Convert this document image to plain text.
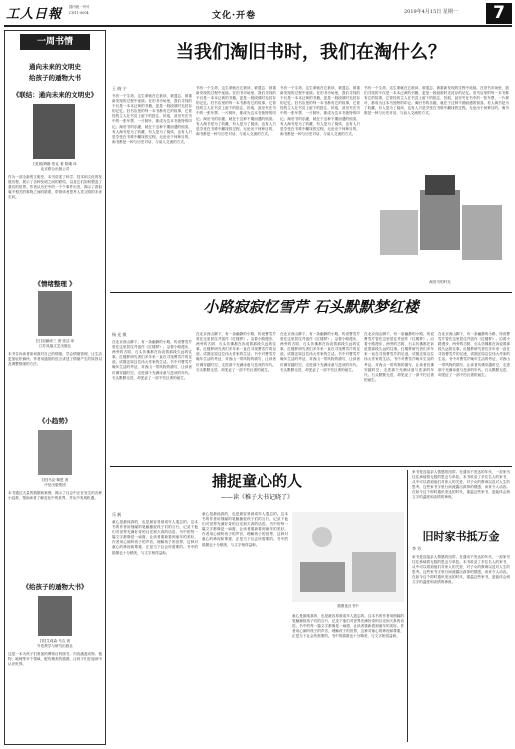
工人日報 国内统一刊号
CN11-0004	文化·开卷	2019年4月15日 星期一	7
一周书情
通向未来的文明史
给孩子的遁物大书
《联结：通向未来的文明史》
[美]詹姆斯·伯克 著 阳曦 译
北京联合出版公司
作为一部全新的文明史，本书讲述了科学、技术和文化的发展历程，展示了各种发明之间的联结，以及它们如何塑造了我们的世界。作者从历史中的一个个事件出发，揭示了看似毫不相关的事物之间的联系，带领读者思考人类文明的未来走向。
《情绪整理 》
[日]加藤谛三 著 张洁 译
江苏凤凰文艺出版社
本书告诉读者如何面对自己的情绪，学会情绪管理，让生活更加轻松愉快。作者用通俗的语言讲述了情绪产生的原因以及调整情绪的方法。
《小趋势》
[美]马克·佩恩 著
中信出版集团
本书通过大量的数据和案例，揭示了社会中正在发生的各种小趋势，帮助读者了解变化中的世界，并从中发现机遇。
《给孩子的遁物大书》
[英]艾莉森·马吉 著
外语教学与研究出版社
这是一本为孩子们准备的博物百科图书，内容涵盖动物、植物、地理等多个领域，配有精美的插图，让孩子们在阅读中认识世界。
当我们淘旧书时，我们在淘什么？
王 晓 宁
书有一个生命，这生命就在它被读、被遗忘、被重新发现的过程中延续。在旧书市场里，我们寻找的不仅是一本本泛黄的书籍，更是一段段被时光封存的记忆。旧书店里的每一本书都有它的故事，它曾经的主人在书页上留下的批注、折痕，甚至夹在书中的一张车票、一片树叶，都成为这本书独特的印记。淘旧书的乐趣，就在于这种不期而遇的惊喜。有人淘书是为了收藏，有人是为了阅读，也有人只是享受在书堆中翻找的过程。无论出于何种目的，淘书都是一种与历史对话、与前人交流的方式。
书有一个生命，这生命就在它被读、被遗忘、被重新发现的过程中延续。在旧书市场里，我们寻找的不仅是一本本泛黄的书籍，更是一段段被时光封存的记忆。旧书店里的每一本书都有它的故事，它曾经的主人在书页上留下的批注、折痕，甚至夹在书中的一张车票、一片树叶，都成为这本书独特的印记。淘旧书的乐趣，就在于这种不期而遇的惊喜。有人淘书是为了收藏，有人是为了阅读，也有人只是享受在书堆中翻找的过程。无论出于何种目的，淘书都是一种与历史对话、与前人交流的方式。
书有一个生命，这生命就在它被读、被遗忘、被重新发现的过程中延续。在旧书市场里，我们寻找的不仅是一本本泛黄的书籍，更是一段段被时光封存的记忆。旧书店里的每一本书都有它的故事，它曾经的主人在书页上留下的批注、折痕，甚至夹在书中的一张车票、一片树叶，都成为这本书独特的印记。淘旧书的乐趣，就在于这种不期而遇的惊喜。有人淘书是为了收藏，有人是为了阅读，也有人只是享受在书堆中翻找的过程。无论出于何种目的，淘书都是一种与历史对话、与前人交流的方式。
书有一个生命，这生命就在它被读、被遗忘、被重新发现的过程中延续。在旧书市场里，我们寻找的不仅是一本本泛黄的书籍，更是一段段被时光封存的记忆。旧书店里的每一本书都有它的故事，它曾经的主人在书页上留下的批注、折痕，甚至夹在书中的一张车票、一片树叶，都成为这本书独特的印记。淘旧书的乐趣，就在于这种不期而遇的惊喜。有人淘书是为了收藏，有人是为了阅读，也有人只是享受在书堆中翻找的过程。无论出于何种目的，淘书都是一种与历史对话、与前人交流的方式。
淘旧书的时光
小路寂寂忆雪芹 石头默默梦红楼
杨 光 敏
在北京西山脚下，有一条幽静的小路，传说曹雪芹曾在这里居住并创作《红楼梦》。沿着小路漫步，两旁的古树、石头仿佛都在诉说着那段久远的往事。红楼梦研究者们多年来一直在寻找曹雪芹的足迹，试图还原这位伟大作家的生活。书中对曹雪芹晚年生活的考证，对西山一带风物的描写，让读者仿佛穿越时空，走进那个充满诗意与悲凉的年代。石头默默无语，却见证了一部不朽巨著的诞生。
在北京西山脚下，有一条幽静的小路，传说曹雪芹曾在这里居住并创作《红楼梦》。沿着小路漫步，两旁的古树、石头仿佛都在诉说着那段久远的往事。红楼梦研究者们多年来一直在寻找曹雪芹的足迹，试图还原这位伟大作家的生活。书中对曹雪芹晚年生活的考证，对西山一带风物的描写，让读者仿佛穿越时空，走进那个充满诗意与悲凉的年代。石头默默无语，却见证了一部不朽巨著的诞生。
在北京西山脚下，有一条幽静的小路，传说曹雪芹曾在这里居住并创作《红楼梦》。沿着小路漫步，两旁的古树、石头仿佛都在诉说着那段久远的往事。红楼梦研究者们多年来一直在寻找曹雪芹的足迹，试图还原这位伟大作家的生活。书中对曹雪芹晚年生活的考证，对西山一带风物的描写，让读者仿佛穿越时空，走进那个充满诗意与悲凉的年代。石头默默无语，却见证了一部不朽巨著的诞生。
在北京西山脚下，有一条幽静的小路，传说曹雪芹曾在这里居住并创作《红楼梦》。沿着小路漫步，两旁的古树、石头仿佛都在诉说着那段久远的往事。红楼梦研究者们多年来一直在寻找曹雪芹的足迹，试图还原这位伟大作家的生活。书中对曹雪芹晚年生活的考证，对西山一带风物的描写，让读者仿佛穿越时空，走进那个充满诗意与悲凉的年代。石头默默无语，却见证了一部不朽巨著的诞生。
在北京西山脚下，有一条幽静的小路，传说曹雪芹曾在这里居住并创作《红楼梦》。沿着小路漫步，两旁的古树、石头仿佛都在诉说着那段久远的往事。红楼梦研究者们多年来一直在寻找曹雪芹的足迹，试图还原这位伟大作家的生活。书中对曹雪芹晚年生活的考证，对西山一带风物的描写，让读者仿佛穿越时空，走进那个充满诗意与悲凉的年代。石头默默无语，却见证了一部不朽巨著的诞生。
捕捉童心的人
——读《稚子大书记晓了》
乐 帆
童心是最纯真的，也是最容易被成年人遗忘的。这本书的作者用细腻的笔触捕捉孩子们的言行，记录下他们对世界充满好奇的目光和天真的话语。书中的每一篇文字都像是一扇窗，让读者重新看到童年的美好。作者用心倾听孩子的声音，理解孩子的世界，这种对童心的珍视和尊重，正是当下社会所需要的。书中的插图也十分精美，与文字相得益彰。
童心是最纯真的，也是最容易被成年人遗忘的。这本书的作者用细腻的笔触捕捉孩子们的言行，记录下他们对世界充满好奇的目光和天真的话语。书中的每一篇文字都像是一扇窗，让读者重新看到童年的美好。作者用心倾听孩子的声音，理解孩子的世界，这种对童心的珍视和尊重，正是当下社会所需要的。书中的插图也十分精美，与文字相得益彰。
插图选自书中
童心是最纯真的，也是最容易被成年人遗忘的。这本书的作者用细腻的笔触捕捉孩子们的言行，记录下他们对世界充满好奇的目光和天真的话语。书中的每一篇文字都像是一扇窗，让读者重新看到童年的美好。作者用心倾听孩子的声音，理解孩子的世界，这种对童心的珍视和尊重，正是当下社会所需要的。书中的插图也十分精美，与文字相得益彰。
家书是连接亲人情感的纽带。在通讯不发达的年代，一封家书往往承载着无数的思念与牵挂。本书收录了多位名人的家书，从中可以看到他们对家人的关爱、对子女的教诲以及对人生的思考。这些家书字里行间流露出真挚的情感，读来令人动容。在如今这个即时通讯发达的时代，重温这些家书，更能体会到文字的温度和亲情的珍贵。
旧时家书抵万金
李 芳
家书是连接亲人情感的纽带。在通讯不发达的年代，一封家书往往承载着无数的思念与牵挂。本书收录了多位名人的家书，从中可以看到他们对家人的关爱、对子女的教诲以及对人生的思考。这些家书字里行间流露出真挚的情感，读来令人动容。在如今这个即时通讯发达的时代，重温这些家书，更能体会到文字的温度和亲情的珍贵。
